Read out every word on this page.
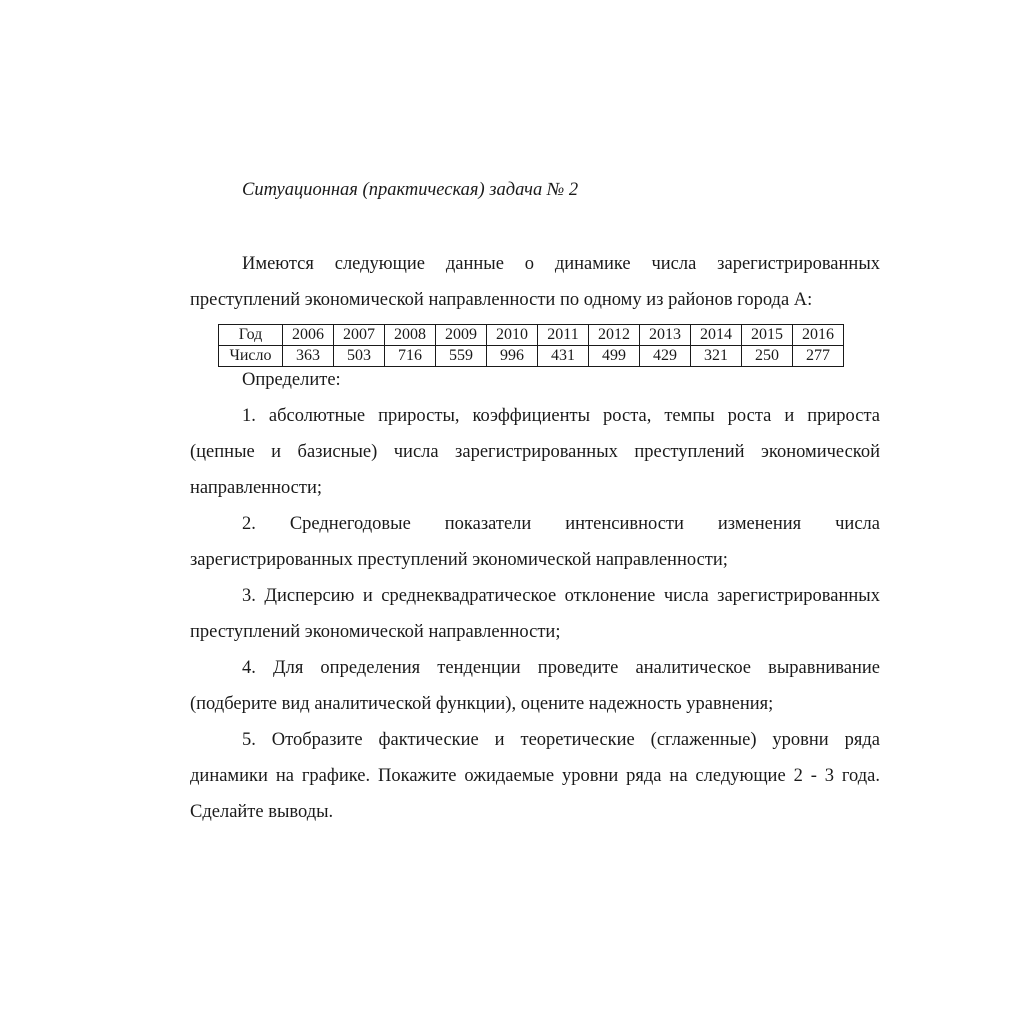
Ситуационная (практическая) задача № 2

Имеются следующие данные о динамике числа зарегистрированных преступлений экономической направленности по одному из районов города А:

Год	2006	2007	2008	2009	2010	2011	2012	2013	2014	2015	2016
Число	363	503	716	559	996	431	499	429	321	250	277
Определите:

1. абсолютные приросты, коэффициенты роста, темпы роста и прироста (цепные и базисные) числа зарегистрированных преступлений экономической направленности;

2. Среднегодовые показатели интенсивности изменения числа зарегистрированных преступлений экономической направленности;

3. Дисперсию и среднеквадратическое отклонение числа зарегистрированных преступлений экономической направленности;

4. Для определения тенденции проведите аналитическое выравнивание (подберите вид аналитической функции), оцените надежность уравнения;

5. Отобразите фактические и теоретические (сглаженные) уровни ряда динамики на графике. Покажите ожидаемые уровни ряда на следующие 2 - 3 года. Сделайте выводы.
